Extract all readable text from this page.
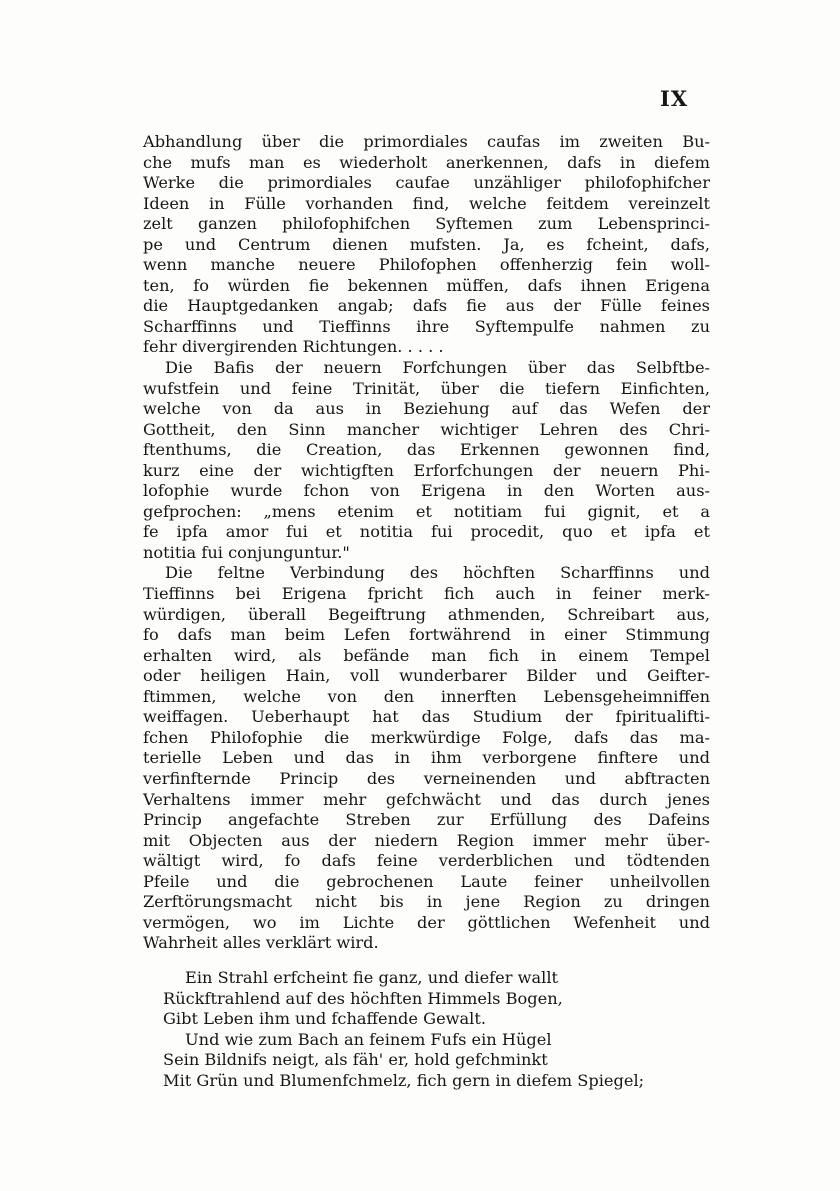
IX
Abhandlung über die primordiales caufas im zweiten Bu-
che mufs man es wiederholt anerkennen, dafs in diefem
Werke die primordiales caufae unzähliger philofophifcher
Ideen in Fülle vorhanden find, welche feitdem vereinzelt
zelt ganzen philofophifchen Syftemen zum Lebensprinci-
pe und Centrum dienen mufsten. Ja, es fcheint, dafs,
wenn manche neuere Philofophen offenherzig fein woll-
ten, fo würden fie bekennen müffen, dafs ihnen Erigena
die Hauptgedanken angab; dafs fie aus der Fülle feines
Scharffinns und Tieffinns ihre Syftempulfe nahmen zu
fehr divergirenden Richtungen. . . . .
Die Bafis der neuern Forfchungen über das Selbftbe-
wufstfein und feine Trinität, über die tiefern Einfichten,
welche von da aus in Beziehung auf das Wefen der
Gottheit, den Sinn mancher wichtiger Lehren des Chri-
ftenthums, die Creation, das Erkennen gewonnen find,
kurz eine der wichtigften Erforfchungen der neuern Phi-
lofophie wurde fchon von Erigena in den Worten aus-
gefprochen: „mens etenim et notitiam fui gignit, et a
fe ipfa amor fui et notitia fui procedit, quo et ipfa et
notitia fui conjunguntur."
Die feltne Verbindung des höchften Scharffinns und
Tieffinns bei Erigena fpricht fich auch in feiner merk-
würdigen, überall Begeiftrung athmenden, Schreibart aus,
fo dafs man beim Lefen fortwährend in einer Stimmung
erhalten wird, als befände man fich in einem Tempel
oder heiligen Hain, voll wunderbarer Bilder und Geifter-
ftimmen, welche von den innerften Lebensgeheimniffen
weiffagen. Ueberhaupt hat das Studium der fpiritualifti-
fchen Philofophie die merkwürdige Folge, dafs das ma-
terielle Leben und das in ihm verborgene finftere und
verfinfternde Princip des verneinenden und abftracten
Verhaltens immer mehr gefchwächt und das durch jenes
Princip angefachte Streben zur Erfüllung des Dafeins
mit Objecten aus der niedern Region immer mehr über-
wältigt wird, fo dafs feine verderblichen und tödtenden
Pfeile und die gebrochenen Laute feiner unheilvollen
Zerftörungsmacht nicht bis in jene Region zu dringen
vermögen, wo im Lichte der göttlichen Wefenheit und
Wahrheit alles verklärt wird.
Ein Strahl erfcheint fie ganz, und diefer wallt
Rückftrahlend auf des höchften Himmels Bogen,
Gibt Leben ihm und fchaffende Gewalt.
Und wie zum Bach an feinem Fufs ein Hügel
Sein Bildnifs neigt, als fäh' er, hold gefchminkt
Mit Grün und Blumenfchmelz, fich gern in diefem Spiegel;
